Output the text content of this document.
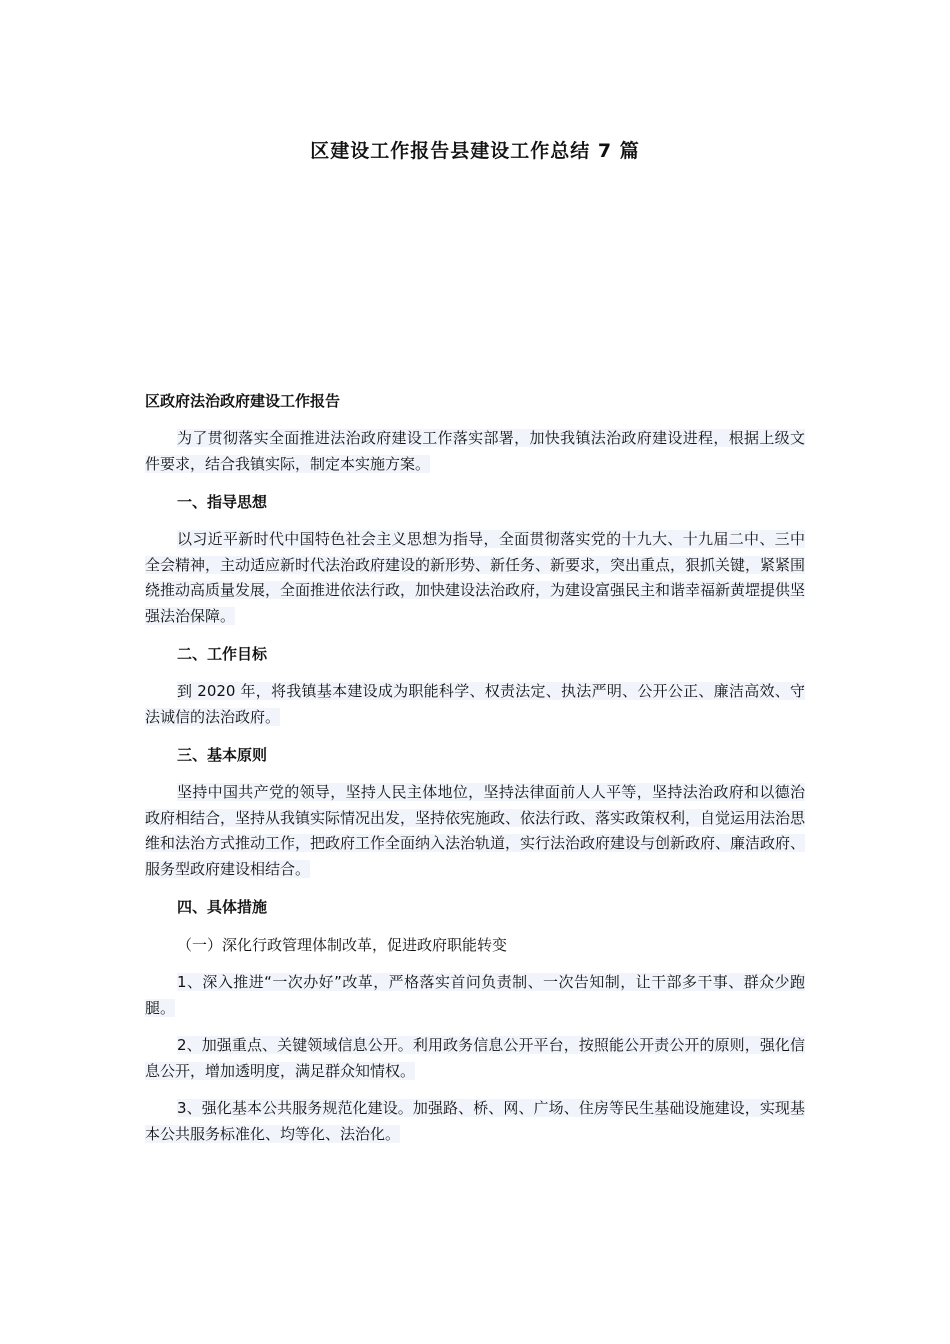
区建设工作报告县建设工作总结 7 篇

区政府法治政府建设工作报告

为了贯彻落实全面推进法治政府建设工作落实部署，加快我镇法治政府建设进程，根据上级文件要求，结合我镇实际，制定本实施方案。

一、指导思想

以习近平新时代中国特色社会主义思想为指导，全面贯彻落实党的十九大、十九届二中、三中全会精神，主动适应新时代法治政府建设的新形势、新任务、新要求，突出重点，狠抓关键，紧紧围绕推动高质量发展，全面推进依法行政，加快建设法治政府，为建设富强民主和谐幸福新黄堽提供坚强法治保障。

二、工作目标

到 2020 年，将我镇基本建设成为职能科学、权责法定、执法严明、公开公正、廉洁高效、守法诚信的法治政府。

三、基本原则

坚持中国共产党的领导，坚持人民主体地位，坚持法律面前人人平等，坚持法治政府和以德治政府相结合，坚持从我镇实际情况出发，坚持依宪施政、依法行政、落实政策权利，自觉运用法治思维和法治方式推动工作，把政府工作全面纳入法治轨道，实行法治政府建设与创新政府、廉洁政府、服务型政府建设相结合。

四、具体措施

（一）深化行政管理体制改革，促进政府职能转变

1、深入推进“一次办好”改革，严格落实首问负责制、一次告知制，让干部多干事、群众少跑腿。

2、加强重点、关键领域信息公开。利用政务信息公开平台，按照能公开责公开的原则，强化信息公开，增加透明度，满足群众知情权。

3、强化基本公共服务规范化建设。加强路、桥、网、广场、住房等民生基础设施建设，实现基本公共服务标准化、均等化、法治化。
